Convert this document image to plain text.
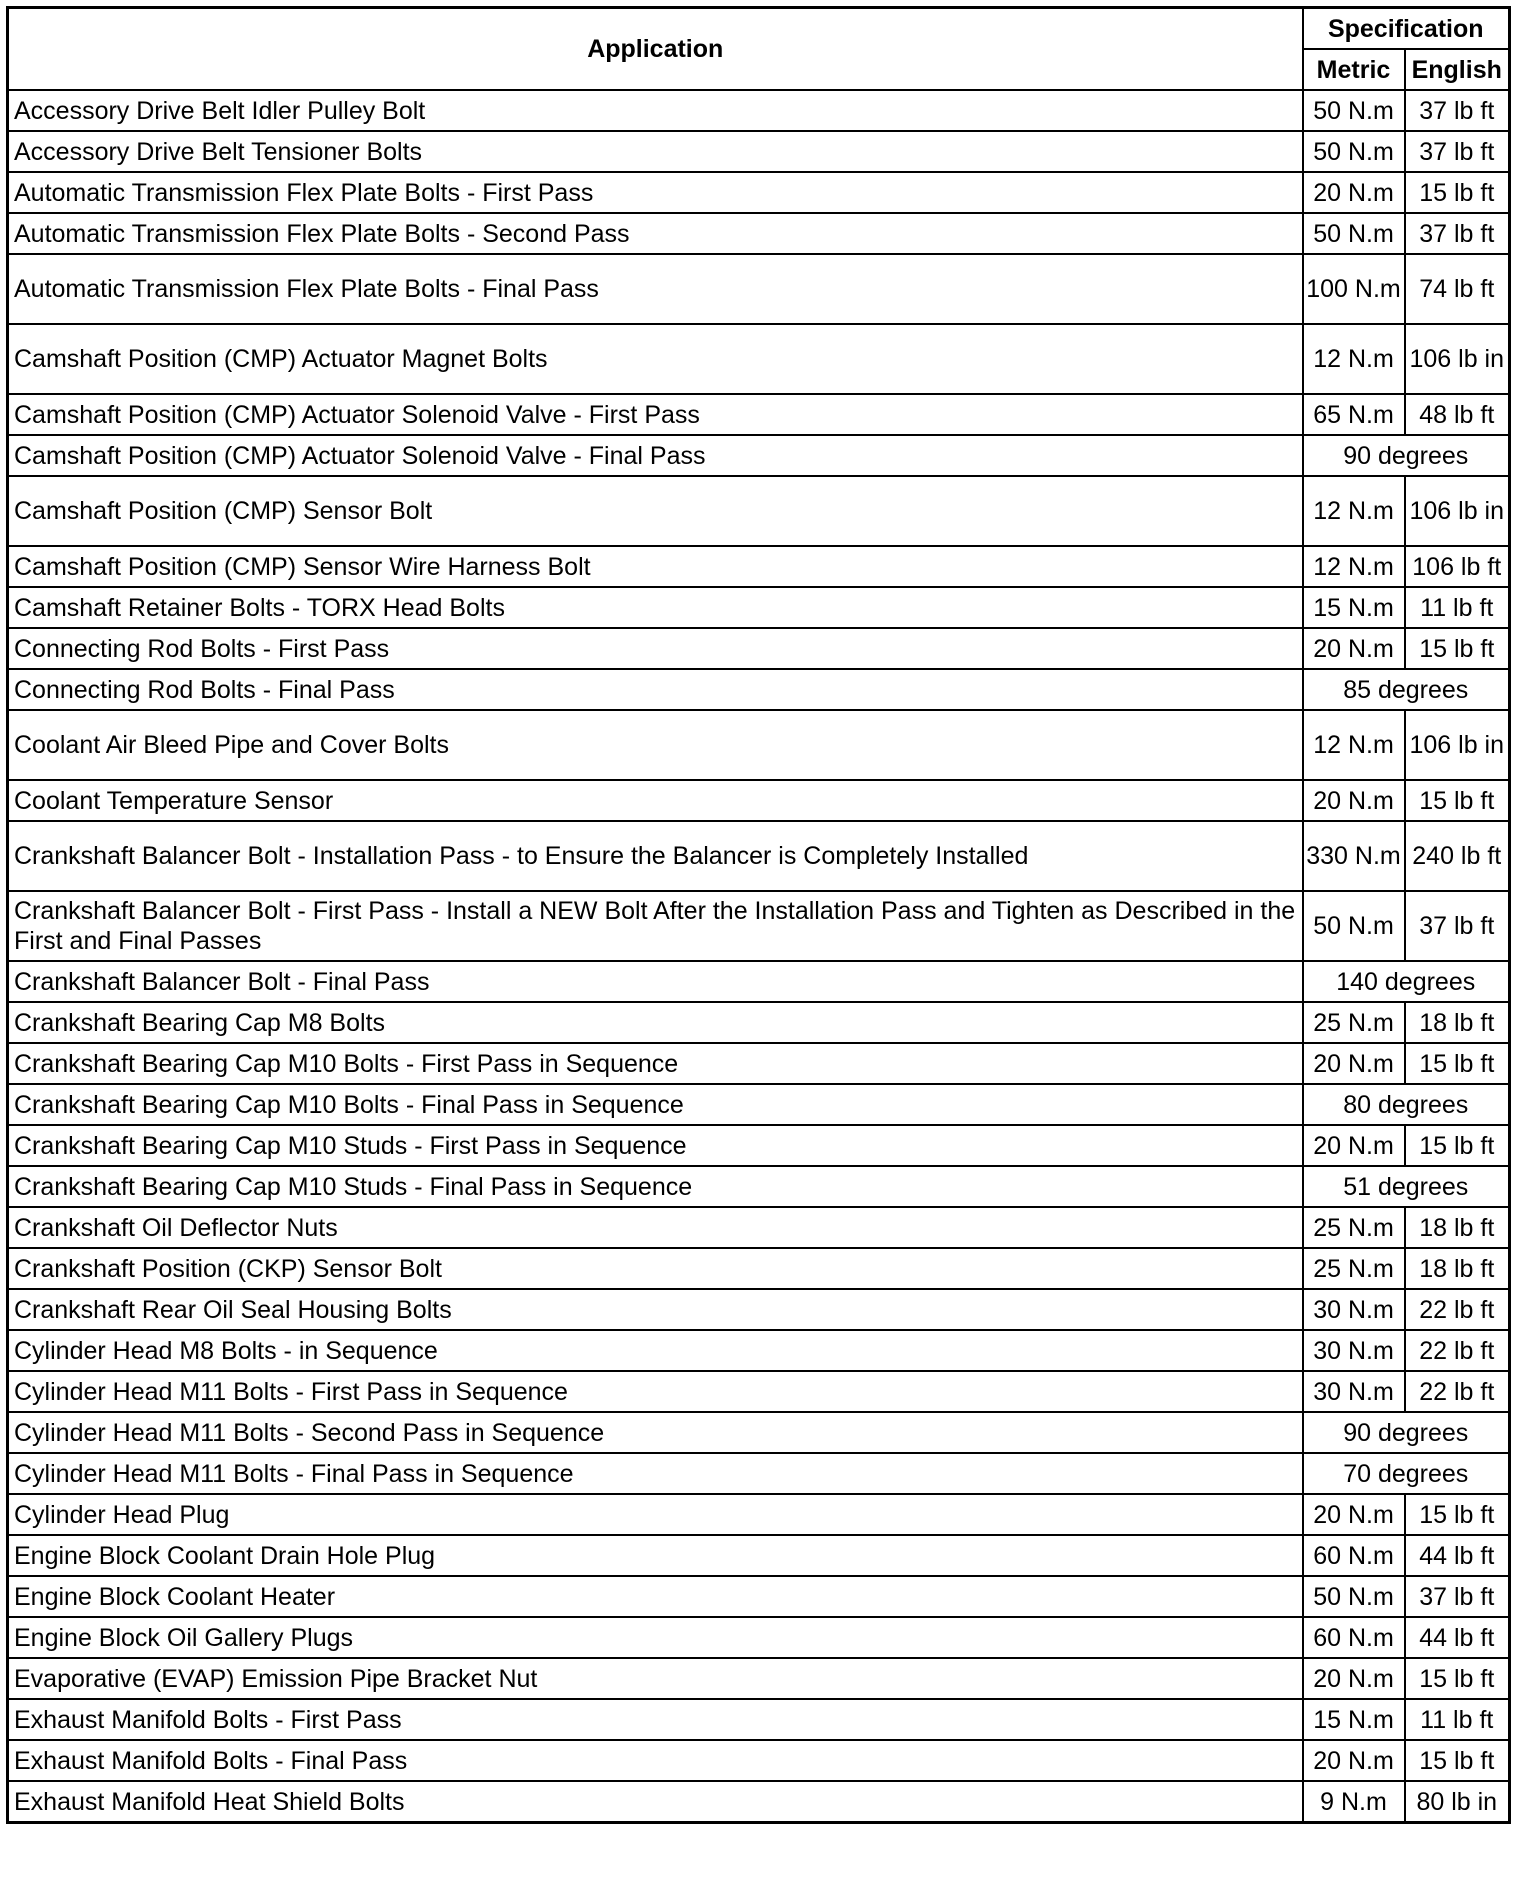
Application	Specification	
	Metric	English
Accessory Drive Belt Idler Pulley Bolt	50 N.m	37 lb ft
Accessory Drive Belt Tensioner Bolts	50 N.m	37 lb ft
Automatic Transmission Flex Plate Bolts - First Pass	20 N.m	15 lb ft
Automatic Transmission Flex Plate Bolts - Second Pass	50 N.m	37 lb ft
Automatic Transmission Flex Plate Bolts - Final Pass	100 N.m	74 lb ft
Camshaft Position (CMP) Actuator Magnet Bolts	12 N.m	106 lb in
Camshaft Position (CMP) Actuator Solenoid Valve - First Pass	65 N.m	48 lb ft
Camshaft Position (CMP) Actuator Solenoid Valve - Final Pass	90 degrees	
Camshaft Position (CMP) Sensor Bolt	12 N.m	106 lb in
Camshaft Position (CMP) Sensor Wire Harness Bolt	12 N.m	106 lb ft
Camshaft Retainer Bolts - TORX Head Bolts	15 N.m	11 lb ft
Connecting Rod Bolts - First Pass	20 N.m	15 lb ft
Connecting Rod Bolts - Final Pass	85 degrees	
Coolant Air Bleed Pipe and Cover Bolts	12 N.m	106 lb in
Coolant Temperature Sensor	20 N.m	15 lb ft
Crankshaft Balancer Bolt - Installation Pass - to Ensure the Balancer is Completely Installed	330 N.m	240 lb ft
Crankshaft Balancer Bolt - First Pass - Install a NEW Bolt After the Installation Pass and Tighten as Described in the First and Final Passes	50 N.m	37 lb ft
Crankshaft Balancer Bolt - Final Pass	140 degrees	
Crankshaft Bearing Cap M8 Bolts	25 N.m	18 lb ft
Crankshaft Bearing Cap M10 Bolts - First Pass in Sequence	20 N.m	15 lb ft
Crankshaft Bearing Cap M10 Bolts - Final Pass in Sequence	80 degrees	
Crankshaft Bearing Cap M10 Studs - First Pass in Sequence	20 N.m	15 lb ft
Crankshaft Bearing Cap M10 Studs - Final Pass in Sequence	51 degrees	
Crankshaft Oil Deflector Nuts	25 N.m	18 lb ft
Crankshaft Position (CKP) Sensor Bolt	25 N.m	18 lb ft
Crankshaft Rear Oil Seal Housing Bolts	30 N.m	22 lb ft
Cylinder Head M8 Bolts - in Sequence	30 N.m	22 lb ft
Cylinder Head M11 Bolts - First Pass in Sequence	30 N.m	22 lb ft
Cylinder Head M11 Bolts - Second Pass in Sequence	90 degrees	
Cylinder Head M11 Bolts - Final Pass in Sequence	70 degrees	
Cylinder Head Plug	20 N.m	15 lb ft
Engine Block Coolant Drain Hole Plug	60 N.m	44 lb ft
Engine Block Coolant Heater	50 N.m	37 lb ft
Engine Block Oil Gallery Plugs	60 N.m	44 lb ft
Evaporative (EVAP) Emission Pipe Bracket Nut	20 N.m	15 lb ft
Exhaust Manifold Bolts - First Pass	15 N.m	11 lb ft
Exhaust Manifold Bolts - Final Pass	20 N.m	15 lb ft
Exhaust Manifold Heat Shield Bolts	9 N.m	80 lb in
